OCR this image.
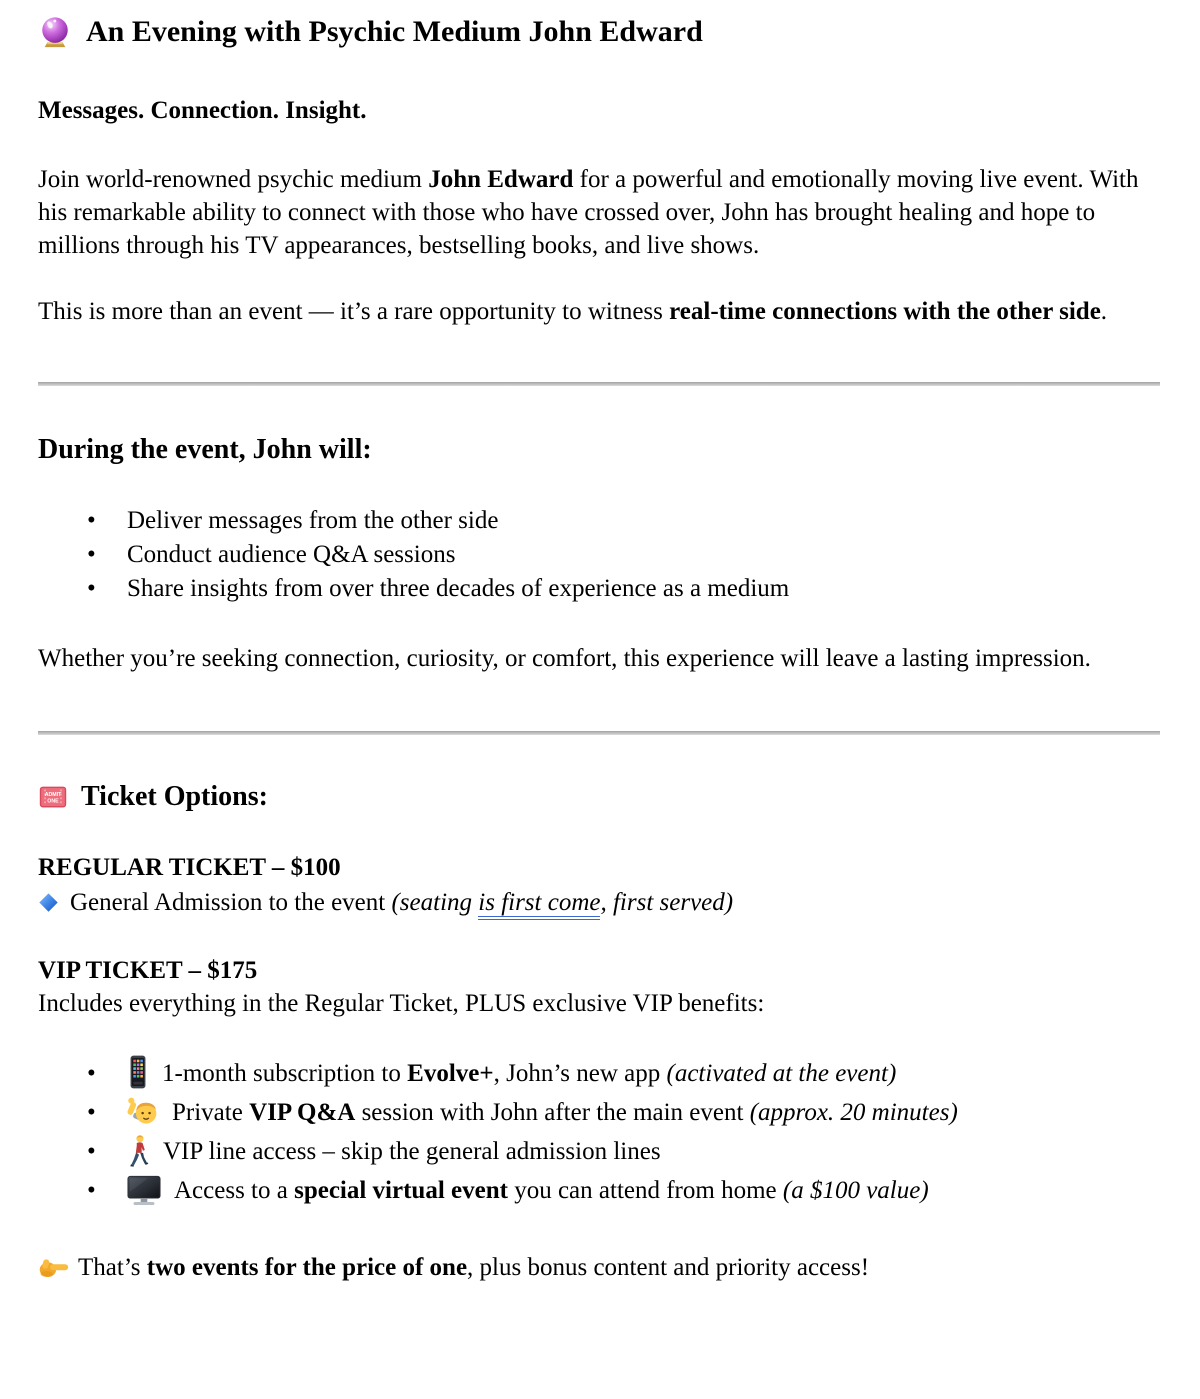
An Evening with Psychic Medium John Edward

Messages. Connection. Insight.

Join world-renowned psychic medium John Edward for a powerful and emotionally moving live event. With his remarkable ability to connect with those who have crossed over, John has brought healing and hope to millions through his TV appearances, bestselling books, and live shows.

This is more than an event — it’s a rare opportunity to witness real-time connections with the other side.

During the event, John will:
• Deliver messages from the other side
• Conduct audience Q&A sessions
• Share insights from over three decades of experience as a medium

Whether you’re seeking connection, curiosity, or comfort, this experience will leave a lasting impression.

ADMIT
ONE Ticket Options:

REGULAR TICKET – $100

General Admission to the event (seating is first come, first served)

VIP TICKET – $175

Includes everything in the Regular Ticket, PLUS exclusive VIP benefits:

• 1-month subscription to Evolve+, John’s new app (activated at the event)
• Private VIP Q&A session with John after the main event (approx. 20 minutes)
• VIP line access – skip the general admission lines
• Access to a special virtual event you can attend from home (a $100 value)

That’s two events for the price of one, plus bonus content and priority access!
